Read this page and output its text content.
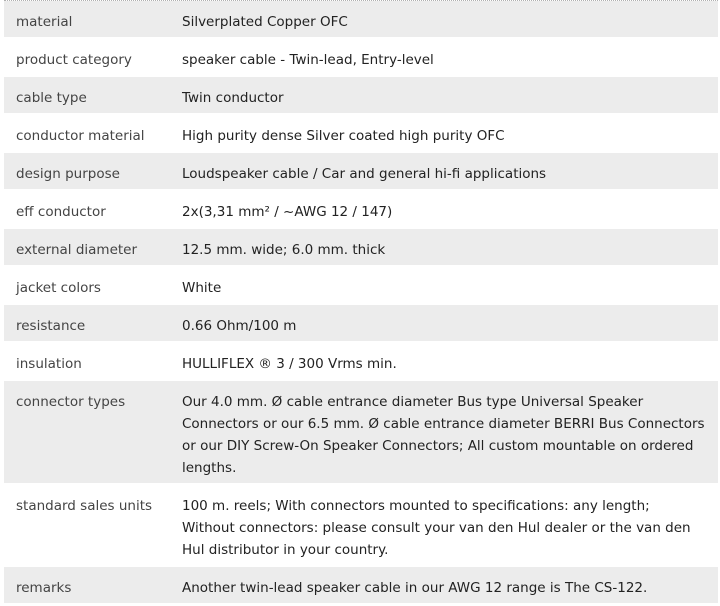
material	Silverplated Copper OFC
product category	speaker cable - Twin-lead, Entry-level
cable type	Twin conductor
conductor material	High purity dense Silver coated high purity OFC
design purpose	Loudspeaker cable / Car and general hi-fi applications
eff conductor	2x(3,31 mm² / ~AWG 12 / 147)
external diameter	12.5 mm. wide; 6.0 mm. thick
jacket colors	White
resistance	0.66 Ohm/100 m
insulation	HULLIFLEX ® 3 / 300 Vrms min.
connector types	Our 4.0 mm. Ø cable entrance diameter Bus type Universal Speaker Connectors or our 6.5 mm. Ø cable entrance diameter BERRI Bus Connectors or our DIY Screw-On Speaker Connectors; All custom mountable on ordered lengths.
standard sales units	100 m. reels; With connectors mounted to specifications: any length; Without connectors: please consult your van den Hul dealer or the van den Hul distributor in your country.
remarks	Another twin-lead speaker cable in our AWG 12 range is The CS-122.
